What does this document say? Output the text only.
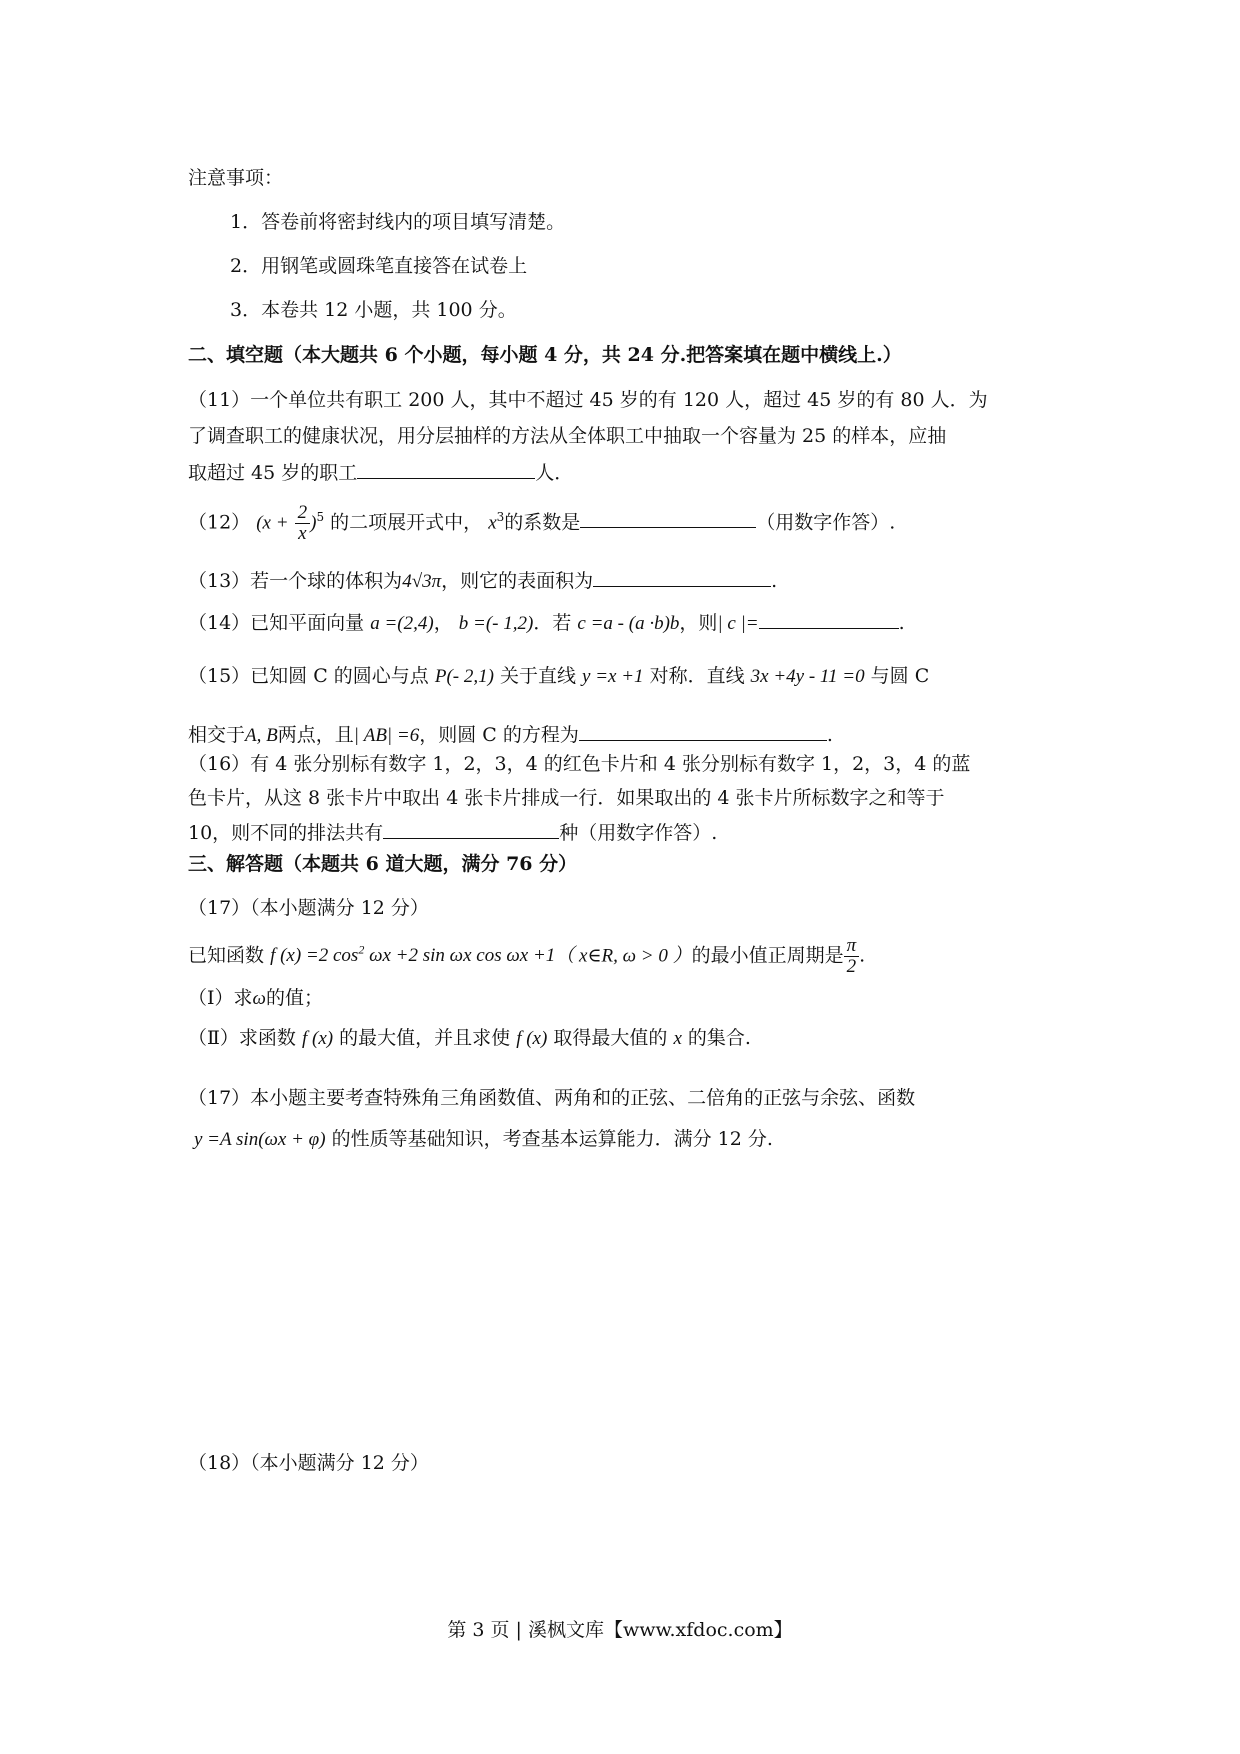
注意事项：
1．答卷前将密封线内的项目填写清楚。
2．用钢笔或圆珠笔直接答在试卷上
3．本卷共 12 小题，共 100 分。
二、填空题（本大题共 6 个小题，每小题 4 分，共 24 分.把答案填在题中横线上.）
（11）一个单位共有职工 200 人，其中不超过 45 岁的有 120 人，超过 45 岁的有 80 人．为
了调查职工的健康状况，用分层抽样的方法从全体职工中抽取一个容量为 25 的样本，应抽
取超过 45 岁的职工	人．
（12） $(x + \frac{2}{x} )^5$ 的二项展开式中， $x^3$的系数是	（用数字作答）.
（13）若一个球的体积为4√3π，则它的表面积为	.
（14）已知平面向量 a =(2,4)， b =(- 1,2)．若 c =a - (a ·b)b，则| c |=	.
（15）已知圆 C 的圆心与点 P(- 2,1) 关于直线 y =x +1 对称．直线 3x +4y - 11 =0 与圆 C
相交于A, B两点，且| AB| =6，则圆 C 的方程为	.
（16）有 4 张分别标有数字 1，2，3，4 的红色卡片和 4 张分别标有数字 1，2，3，4 的蓝
色卡片，从这 8 张卡片中取出 4 张卡片排成一行．如果取出的 4 张卡片所标数字之和等于
10，则不同的排法共有	种（用数字作答）.
三、解答题（本题共 6 道大题，满分 76 分）
（17）（本小题满分 12 分）
已知函数 f (x) =2 $\cos^2 \omega x +2$ sin ωx cos ωx +1（ x∈R, ω > 0 ）的最小值正周期是 $\frac{\pi}{2}$ .
（Ⅰ）求ω的值；
（Ⅱ）求函数 f (x) 的最大值，并且求使 f (x) 取得最大值的 x 的集合.
（17）本小题主要考查特殊角三角函数值、两角和的正弦、二倍角的正弦与余弦、函数
y =A sin(ωx + φ) 的性质等基础知识，考查基本运算能力．满分 12 分.
（18）（本小题满分 12 分）
第 3 页 | 溪枫文库【www.xfdoc.com】
